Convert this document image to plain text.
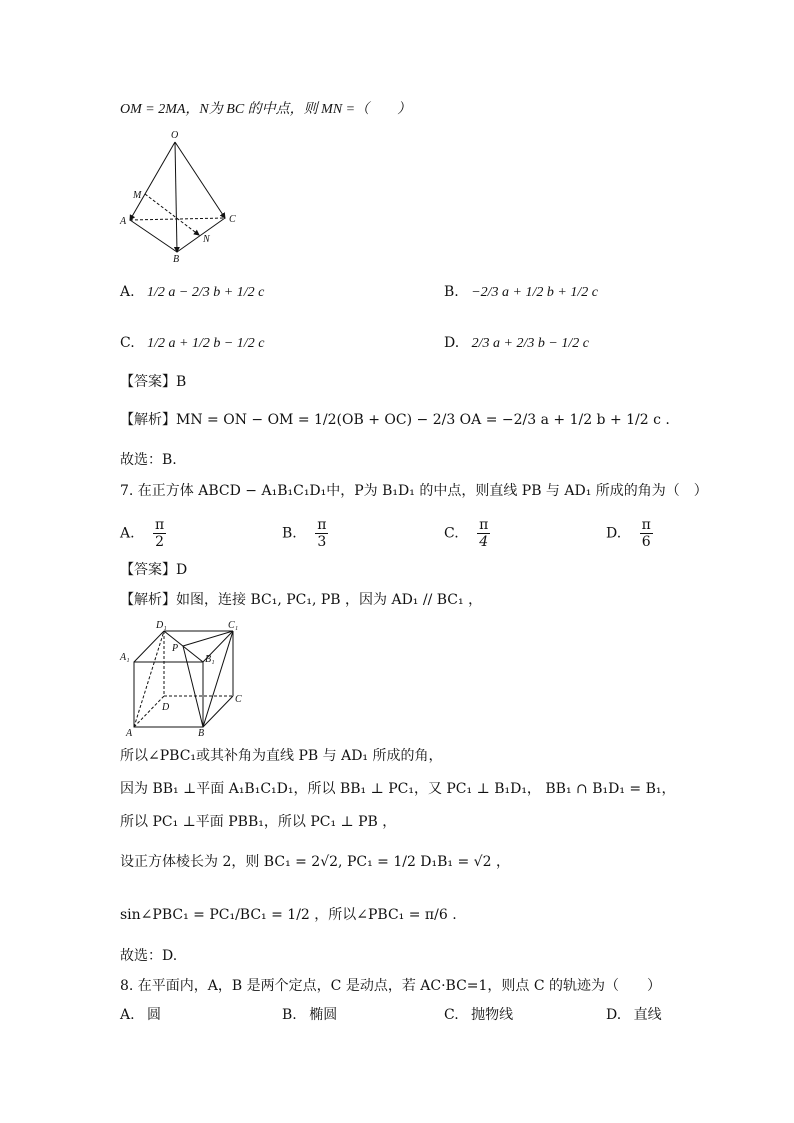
OM = 2MA，N为 BC 的中点，则 MN =（　　）
O
M
A	C
N
B
A. 1/2 a − 2/3 b + 1/2 c	B. −2/3 a + 1/2 b + 1/2 c
C. 1/2 a + 1/2 b − 1/2 c	D. 2/3 a + 2/3 b − 1/2 c
【答案】B
【解析】MN = ON − OM = 1/2(OB + OC) − 2/3 OA = −2/3 a + 1/2 b + 1/2 c .
故选：B.
7. 在正方体 ABCD − A₁B₁C₁D₁中，P为 B₁D₁ 的中点，则直线 PB 与 AD₁ 所成的角为（　）
A. $\frac{\pi}{2}$	B. $\frac{\pi}{3}$	C. $\frac{\pi}{4}$	D. $\frac{\pi}{6}$
【答案】D
【解析】如图，连接 BC₁, PC₁, PB ，因为 AD₁ // BC₁ ，
D₁	C₁
A₁
P
B₁
D
C
A	B
所以∠PBC₁或其补角为直线 PB 与 AD₁ 所成的角，
因为 BB₁ ⊥平面 A₁B₁C₁D₁，所以 BB₁ ⊥ PC₁，又 PC₁ ⊥ B₁D₁， BB₁ ∩ B₁D₁ = B₁，
所以 PC₁ ⊥平面 PBB₁，所以 PC₁ ⊥ PB ，
设正方体棱长为 2，则 BC₁ = 2√2, PC₁ = 1/2 D₁B₁ = √2 ，
sin∠PBC₁ = PC₁/BC₁ = 1/2 ，所以∠PBC₁ = π/6 .
故选：D.
8. 在平面内，A，B 是两个定点，C 是动点，若 AC·BC=1，则点 C 的轨迹为（　　）
A. 圆	B. 椭圆	C. 抛物线	D. 直线
